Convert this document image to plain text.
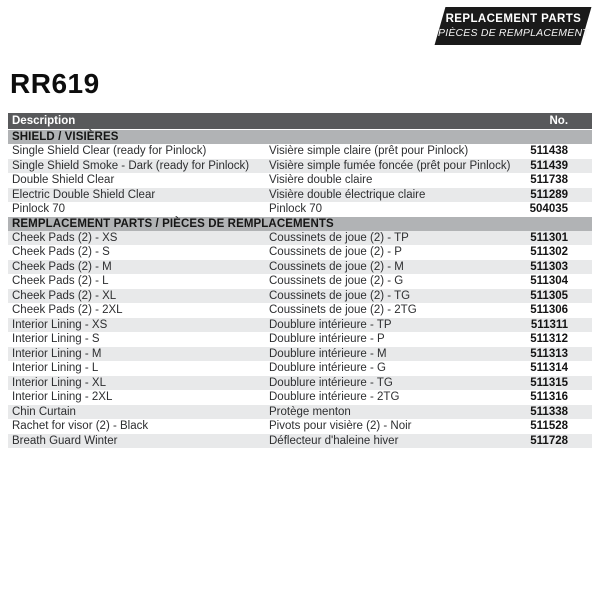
REPLACEMENT PARTS
PIÈCES DE REMPLACEMENT
RR619
Description		No.
SHIELD / VISIÈRES		
Single Shield Clear (ready for Pinlock)	Visière simple claire (prêt pour Pinlock)	511438
Single Shield Smoke - Dark (ready for Pinlock)	Visière simple fumée foncée (prêt pour Pinlock)	511439
Double Shield Clear	Visière double claire	511738
Electric Double Shield Clear	Visière double électrique claire	511289
Pinlock 70	Pinlock 70	504035
REMPLACEMENT PARTS / PIÈCES DE REMPLACEMENTS		
Cheek Pads (2) - XS	Coussinets de joue (2) - TP	511301
Cheek Pads (2) - S	Coussinets de joue (2) - P	511302
Cheek Pads (2) - M	Coussinets de joue (2) - M	511303
Cheek Pads (2) - L	Coussinets de joue (2) - G	511304
Cheek Pads (2) - XL	Coussinets de joue (2) - TG	511305
Cheek Pads (2) - 2XL	Coussinets de joue (2) - 2TG	511306
Interior Lining - XS	Doublure intérieure - TP	511311
Interior Lining - S	Doublure intérieure - P	511312
Interior Lining - M	Doublure intérieure - M	511313
Interior Lining - L	Doublure intérieure - G	511314
Interior Lining - XL	Doublure intérieure - TG	511315
Interior Lining - 2XL	Doublure intérieure - 2TG	511316
Chin Curtain	Protège menton	511338
Rachet for visor (2) - Black	Pivots pour visière (2) - Noir	511528
Breath Guard Winter	Déflecteur d'haleine hiver	511728
